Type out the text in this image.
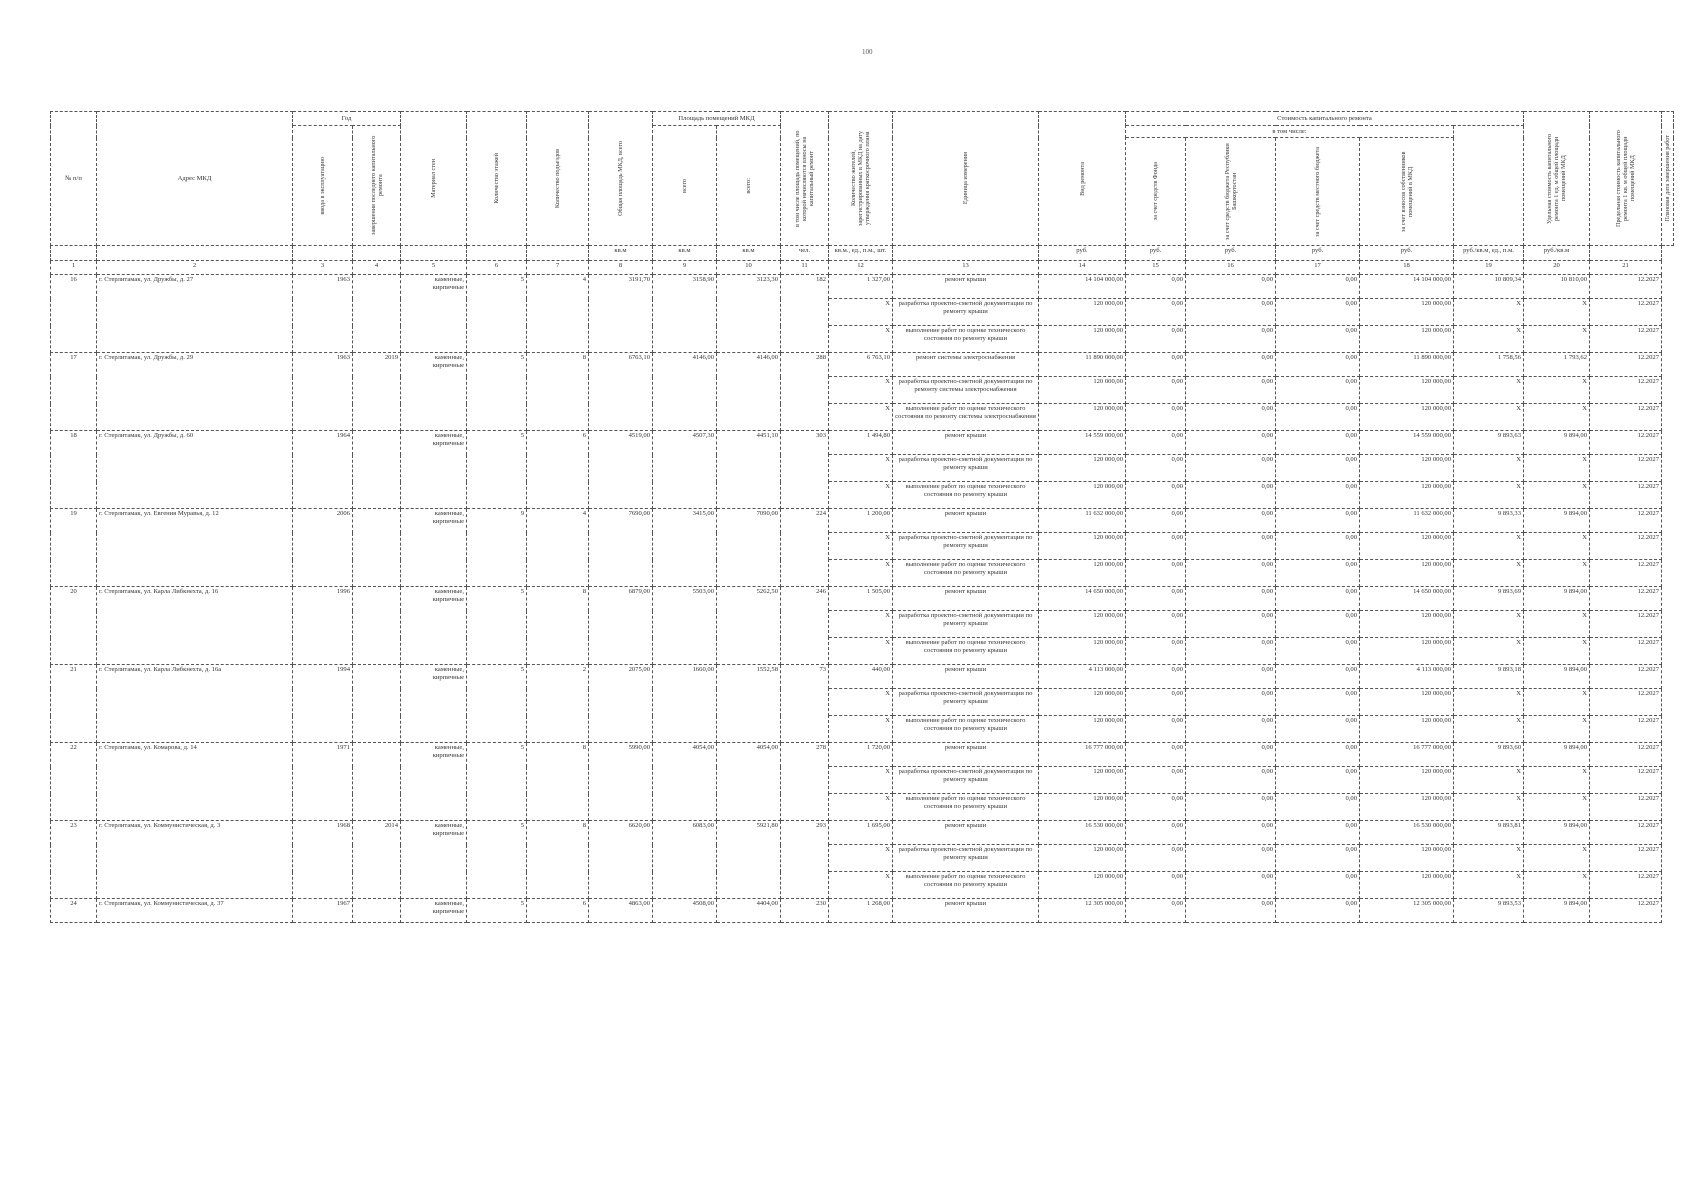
100
№ п/п	Адрес МКД	Год		Материал стен	Количество этажей	Количество подъездов	Общая площадь МКД, всего	Площадь помещений МКД		в том числе площадь помещений, по которой начисляются взносы на капитальный ремонт	Количество жителей, зарегистрированных в МКД на дату утверждения краткосрочного плана	Единица измерения	Вид ремонта	Стоимость капитального ремонта					Удельная стоимость капитального ремонта 1 ед. м общей площади помещений МКД	Предельная стоимость капитального ремонта 1 кв. м общей площади помещений МКД	Плановая дата завершения работ

		ввода в эксплуатацию	завершения последнего капитального ремонта					всего	всего:					в том числе:							

														за счет средств Фонда	за счет средств бюджета Республики Башкортостан	за счет средств местного бюджета	за счет взносов собственников помещений в МКД				

							кв.м	кв.м	кв.м	чел.	кв.м., ед., п.м., шт.		руб.	руб.	руб.	руб.	руб.	руб./кв.м, ед., п.м.	руб./кв.м		
1	2	3	4	5	6	7	8	9	10	11	12	13	14	15	16	17	18	19	20	21	
16	г. Стерлитамак, ул. Дружбы, д. 27	1963		каменные, кирпичные	5	4	3191,70	3158,90	3123,30	182	1 327,00	ремонт крыши	14 104 000,00	0,00	0,00	0,00	14 104 000,00	10 809,34	10 810,00	12.2027	
											X	разработка проектно-сметной документации по ремонту крыши	120 000,00	0,00	0,00	0,00	120 000,00	X	X	12.2027	
											X	выполнение работ по оценке технического состояния по ремонту крыши	120 000,00	0,00	0,00	0,00	120 000,00	X	X	12.2027	
17	г. Стерлитамак, ул. Дружбы, д. 29	1963	2019	каменные, кирпичные	5	8	6763,10	4146,00	4146,00	288	6 763,10	ремонт системы электроснабжения	11 890 000,00	0,00	0,00	0,00	11 890 000,00	1 758,56	1 793,62	12.2027	
											X	разработка проектно-сметной документации по ремонту системы электроснабжения	120 000,00	0,00	0,00	0,00	120 000,00	X	X	12.2027	
											X	выполнение работ по оценке технического состояния по ремонту системы электроснабжения	120 000,00	0,00	0,00	0,00	120 000,00	X	X	12.2027	
18	г. Стерлитамак, ул. Дружбы, д. 60	1964		каменные, кирпичные	5	6	4519,00	4507,30	4451,10	303	1 494,80	ремонт крыши	14 559 000,00	0,00	0,00	0,00	14 559 000,00	9 893,63	9 894,00	12.2027	
											X	разработка проектно-сметной документации по ремонту крыши	120 000,00	0,00	0,00	0,00	120 000,00	X	X	12.2027	
											X	выполнение работ по оценке технического состояния по ремонту крыши	120 000,00	0,00	0,00	0,00	120 000,00	X	X	12.2027	
19	г. Стерлитамак, ул. Евгения Муравья, д. 12	2006		каменные, кирпичные	9	4	7690,00	3415,00	7090,00	224	1 200,00	ремонт крыши	11 632 000,00	0,00	0,00	0,00	11 632 000,00	9 893,33	9 894,00	12.2027	
											X	разработка проектно-сметной документации по ремонту крыши	120 000,00	0,00	0,00	0,00	120 000,00	X	X	12.2027	
											X	выполнение работ по оценке технического состояния по ремонту крыши	120 000,00	0,00	0,00	0,00	120 000,00	X	X	12.2027	
20	г. Стерлитамак, ул. Карла Либкнехта, д. 16	1996		каменные, кирпичные	5	8	6879,00	5503,00	5262,50	246	1 505,00	ремонт крыши	14 650 000,00	0,00	0,00	0,00	14 650 000,00	9 893,69	9 894,00	12.2027	
											X	разработка проектно-сметной документации по ремонту крыши	120 000,00	0,00	0,00	0,00	120 000,00	X	X	12.2027	
											X	выполнение работ по оценке технического состояния по ремонту крыши	120 000,00	0,00	0,00	0,00	120 000,00	X	X	12.2027	
21	г. Стерлитамак, ул. Карла Либкнехта, д. 16а	1994		каменные, кирпичные	5	2	2075,00	1660,00	1552,58	73	440,00	ремонт крыши	4 113 000,00	0,00	0,00	0,00	4 113 000,00	9 893,18	9 894,00	12.2027	
											X	разработка проектно-сметной документации по ремонту крыши	120 000,00	0,00	0,00	0,00	120 000,00	X	X	12.2027	
											X	выполнение работ по оценке технического состояния по ремонту крыши	120 000,00	0,00	0,00	0,00	120 000,00	X	X	12.2027	
22	г. Стерлитамак, ул. Комарова, д. 14	1971		каменные, кирпичные	5	8	5990,00	4054,00	4054,00	278	1 720,00	ремонт крыши	16 777 000,00	0,00	0,00	0,00	16 777 000,00	9 893,60	9 894,00	12.2027	
											X	разработка проектно-сметной документации по ремонту крыши	120 000,00	0,00	0,00	0,00	120 000,00	X	X	12.2027	
											X	выполнение работ по оценке технического состояния по ремонту крыши	120 000,00	0,00	0,00	0,00	120 000,00	X	X	12.2027	
23	г. Стерлитамак, ул. Коммунистическая, д. 3	1968	2014	каменные, кирпичные	5	8	6620,00	6083,00	5921,80	293	1 695,00	ремонт крыши	16 530 000,00	0,00	0,00	0,00	16 530 000,00	9 893,81	9 894,00	12.2027	
											X	разработка проектно-сметной документации по ремонту крыши	120 000,00	0,00	0,00	0,00	120 000,00	X	X	12.2027	
											X	выполнение работ по оценке технического состояния по ремонту крыши	120 000,00	0,00	0,00	0,00	120 000,00	X	X	12.2027	
24	г. Стерлитамак, ул. Коммунистическая, д. 37	1967		каменные, кирпичные	5	6	4863,00	4508,00	4404,00	230	1 268,00	ремонт крыши	12 305 000,00	0,00	0,00	0,00	12 305 000,00	9 893,53	9 894,00	12.2027	
